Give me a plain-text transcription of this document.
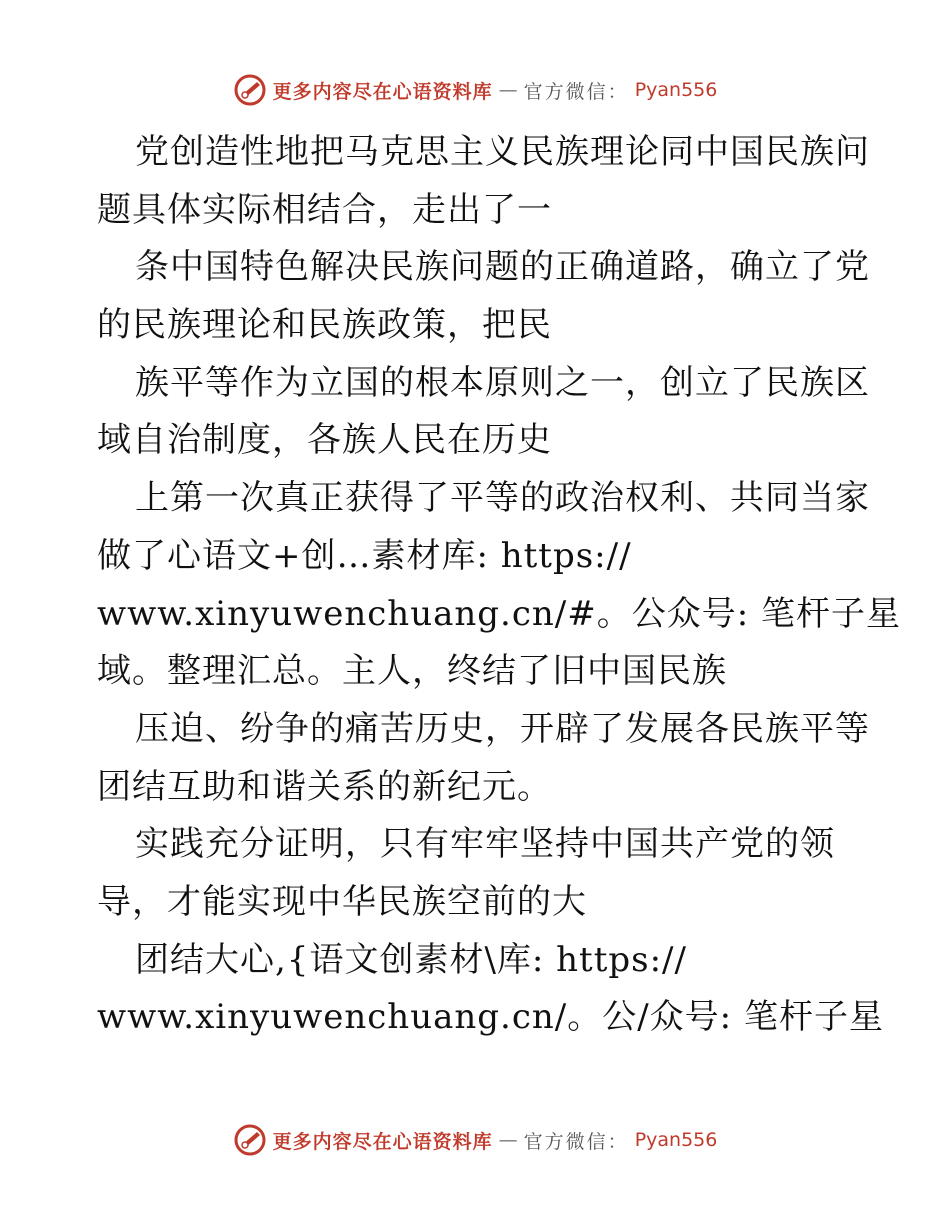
更多内容尽在心语资料库 — 官方微信： Pyan556
党创造性地把马克思主义民族理论同中国民族问
题具体实际相结合，走出了一
条中国特色解决民族问题的正确道路，确立了党
的民族理论和民族政策，把民
族平等作为立国的根本原则之一，创立了民族区
域自治制度，各族人民在历史
上第一次真正获得了平等的政治权利、共同当家
做了心语文+创…素材库: https://
www.xinyuwenchuang.cn/#。公众号: 笔杆子星
域。整理汇总。主人，终结了旧中国民族
压迫、纷争的痛苦历史，开辟了发展各民族平等
团结互助和谐关系的新纪元。
实践充分证明，只有牢牢坚持中国共产党的领
导，才能实现中华民族空前的大
团结大心,{语文创素材\库: https://
www.xinyuwenchuang.cn/。公/众号: 笔杆子星
更多内容尽在心语资料库 — 官方微信： Pyan556
